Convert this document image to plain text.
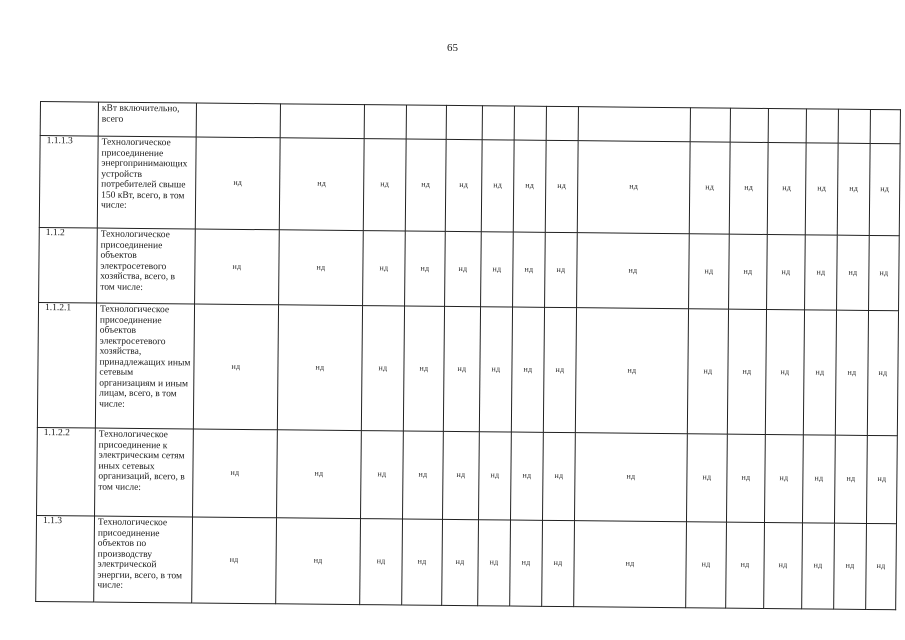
65
	кВт включительно, всего															
1.1.1.3	Технологическое присоединение энергопринимающих устройств потребителей свыше 150 кВт, всего, в том числе:	нд	нд	нд	нд	нд	нд	нд	нд	нд	нд	нд	нд	нд	нд	нд
1.1.2	Технологическое присоединение объектов электросетевого хозяйства, всего, в том числе:	нд	нд	нд	нд	нд	нд	нд	нд	нд	нд	нд	нд	нд	нд	нд
1.1.2.1	Технологическое присоединение объектов электросетевого хозяйства, принадлежащих иным сетевым организациям и иным лицам, всего, в том числе:	нд	нд	нд	нд	нд	нд	нд	нд	нд	нд	нд	нд	нд	нд	нд
1.1.2.2	Технологическое присоединение к электрическим сетям иных сетевых организаций, всего, в том числе:	нд	нд	нд	нд	нд	нд	нд	нд	нд	нд	нд	нд	нд	нд	нд
1.1.3	Технологическое присоединение объектов по производству электрической энергии, всего, в том числе:	нд	нд	нд	нд	нд	нд	нд	нд	нд	нд	нд	нд	нд	нд	нд
